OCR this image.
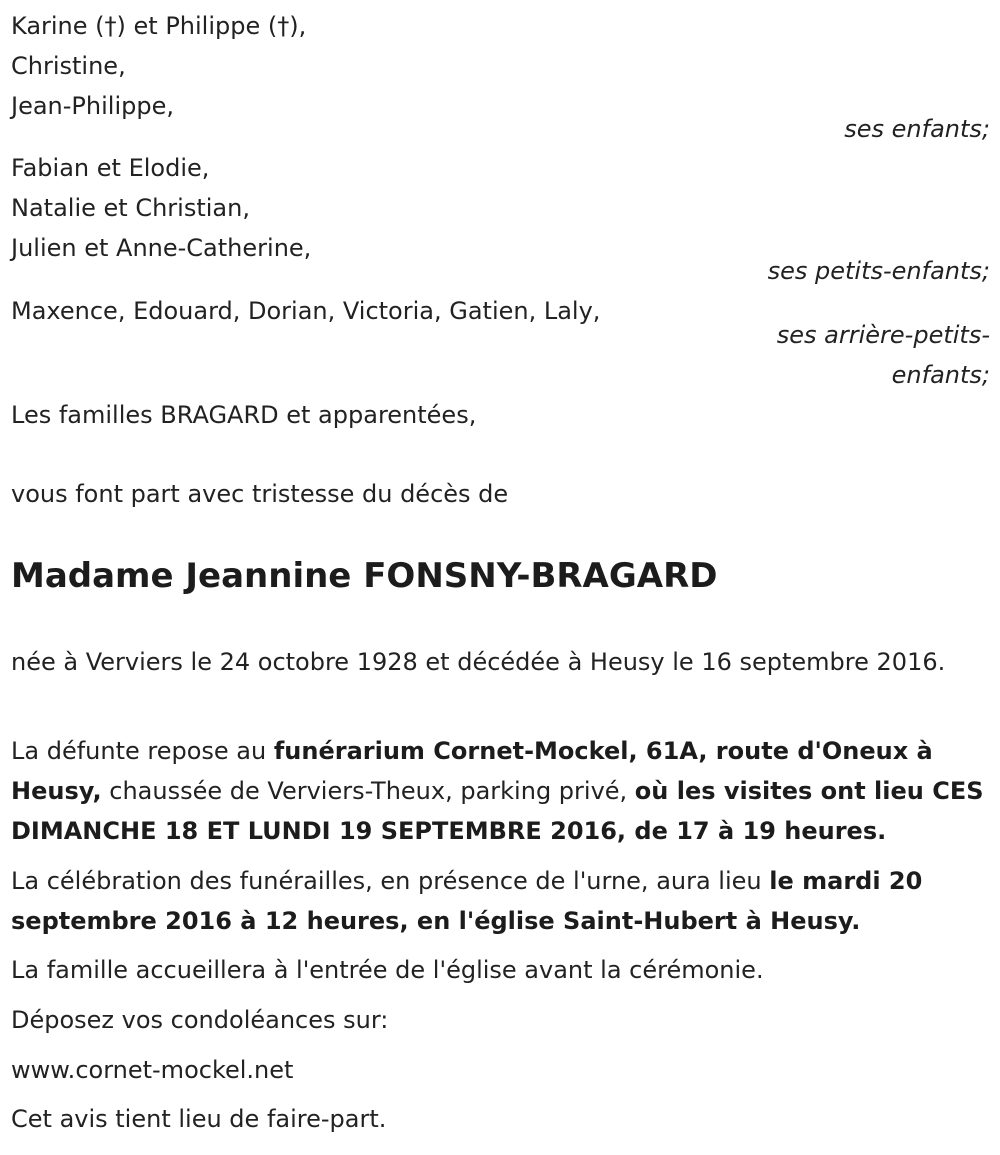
Karine (†) et Philippe (†),
Christine,
Jean-Philippe,
ses enfants;
Fabian et Elodie,
Natalie et Christian,
Julien et Anne-Catherine,
ses petits-enfants;
Maxence, Edouard, Dorian, Victoria, Gatien, Laly,
ses arrière-petits-
enfants;
Les familles BRAGARD et apparentées,
vous font part avec tristesse du décès de
Madame Jeannine FONSNY-BRAGARD
née à Verviers le 24 octobre 1928 et décédée à Heusy le 16 septembre 2016.
La défunte repose au funérarium Cornet-Mockel, 61A, route d'Oneux à Heusy, chaussée de Verviers-Theux, parking privé, où les visites ont lieu CES DIMANCHE 18 ET LUNDI 19 SEPTEMBRE 2016, de 17 à 19 heures.
La célébration des funérailles, en présence de l'urne, aura lieu le mardi 20 septembre 2016 à 12 heures, en l'église Saint-Hubert à Heusy.
La famille accueillera à l'entrée de l'église avant la cérémonie.
Déposez vos condoléances sur:
www.cornet-mockel.net
Cet avis tient lieu de faire-part.
